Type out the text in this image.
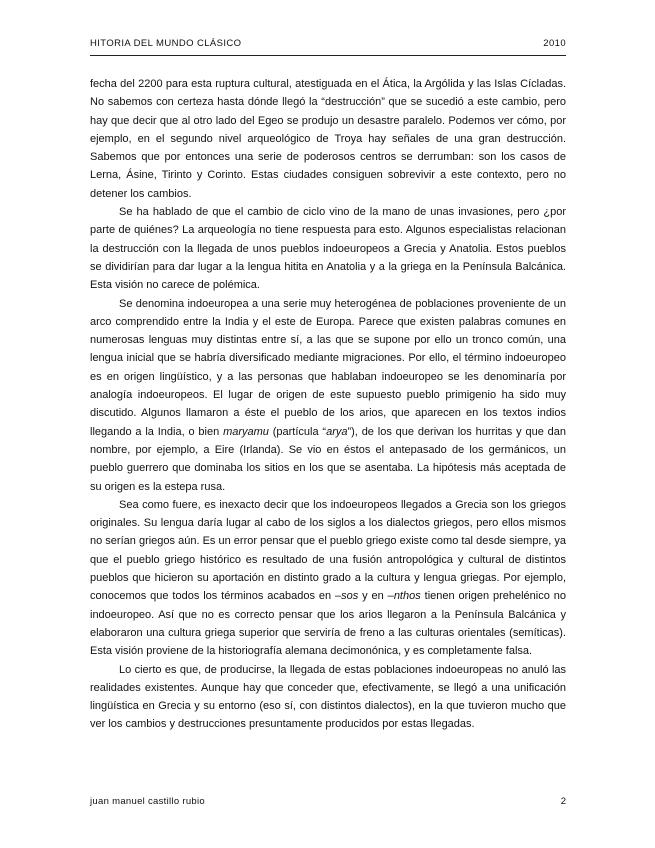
HITORIA DEL MUNDO CLÁSICO	2010

fecha del 2200 para esta ruptura cultural, atestiguada en el Ática, la Argólida y las Islas Cícladas. No sabemos con certeza hasta dónde llegó la “destrucción” que se sucedió a este cambio, pero hay que decir que al otro lado del Egeo se produjo un desastre paralelo. Podemos ver cómo, por ejemplo, en el segundo nivel arqueológico de Troya hay señales de una gran destrucción. Sabemos que por entonces una serie de poderosos centros se derrumban: son los casos de Lerna, Ásine, Tirinto y Corinto. Estas ciudades consiguen sobrevivir a este contexto, pero no detener los cambios.

Se ha hablado de que el cambio de ciclo vino de la mano de unas invasiones, pero ¿por parte de quiénes? La arqueología no tiene respuesta para esto. Algunos especialistas relacionan la destrucción con la llegada de unos pueblos indoeuropeos a Grecia y Anatolia. Estos pueblos se dividirían para dar lugar a la lengua hitita en Anatolia y a la griega en la Península Balcánica. Esta visión no carece de polémica.

Se denomina indoeuropea a una serie muy heterogénea de poblaciones proveniente de un arco comprendido entre la India y el este de Europa. Parece que existen palabras comunes en numerosas lenguas muy distintas entre sí, a las que se supone por ello un tronco común, una lengua inicial que se habría diversificado mediante migraciones. Por ello, el término indoeuropeo es en origen lingüístico, y a las personas que hablaban indoeuropeo se les denominaría por analogía indoeuropeos. El lugar de origen de este supuesto pueblo primigenio ha sido muy discutido. Algunos llamaron a éste el pueblo de los arios, que aparecen en los textos indios llegando a la India, o bien maryamu (partícula “arya”), de los que derivan los hurritas y que dan nombre, por ejemplo, a Eire (Irlanda). Se vio en éstos el antepasado de los germánicos, un pueblo guerrero que dominaba los sitios en los que se asentaba. La hipótesis más aceptada de su origen es la estepa rusa.

Sea como fuere, es inexacto decir que los indoeuropeos llegados a Grecia son los griegos originales. Su lengua daría lugar al cabo de los siglos a los dialectos griegos, pero ellos mismos no serían griegos aún. Es un error pensar que el pueblo griego existe como tal desde siempre, ya que el pueblo griego histórico es resultado de una fusión antropológica y cultural de distintos pueblos que hicieron su aportación en distinto grado a la cultura y lengua griegas. Por ejemplo, conocemos que todos los términos acabados en –sos y en –nthos tienen origen prehelénico no indoeuropeo. Así que no es correcto pensar que los arios llegaron a la Península Balcánica y elaboraron una cultura griega superior que serviría de freno a las culturas orientales (semíticas). Esta visión proviene de la historiografía alemana decimonónica, y es completamente falsa.

Lo cierto es que, de producirse, la llegada de estas poblaciones indoeuropeas no anuló las realidades existentes. Aunque hay que conceder que, efectivamente, se llegó a una unificación lingüística en Grecia y su entorno (eso sí, con distintos dialectos), en la que tuvieron mucho que ver los cambios y destrucciones presuntamente producidos por estas llegadas.

juan manuel castillo rubio	2
